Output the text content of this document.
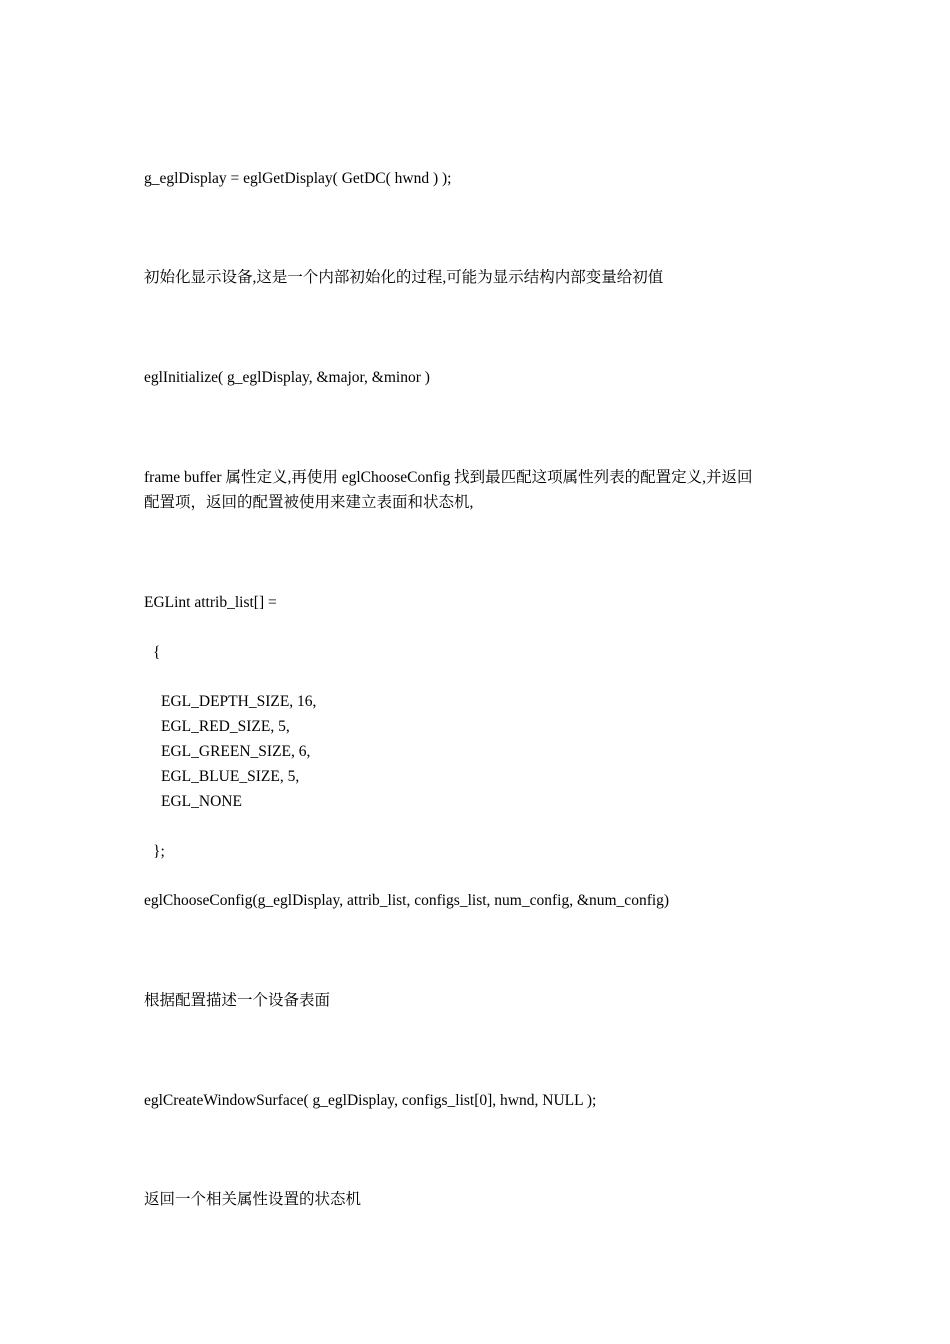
g_eglDisplay = eglGetDisplay( GetDC( hwnd ) );

初始化显示设备,这是一个内部初始化的过程,可能为显示结构内部变量给初值

eglInitialize( g_eglDisplay, &major, &minor )

frame buffer 属性定义,再使用 eglChooseConfig 找到最匹配这项属性列表的配置定义,并返回
配置项，返回的配置被使用来建立表面和状态机,

EGLint attrib_list[] =

{

EGL_DEPTH_SIZE, 16,

EGL_RED_SIZE, 5,

EGL_GREEN_SIZE, 6,

EGL_BLUE_SIZE, 5,

EGL_NONE

};

eglChooseConfig(g_eglDisplay, attrib_list, configs_list, num_config, &num_config)

根据配置描述一个设备表面

eglCreateWindowSurface( g_eglDisplay, configs_list[0], hwnd, NULL );

返回一个相关属性设置的状态机
